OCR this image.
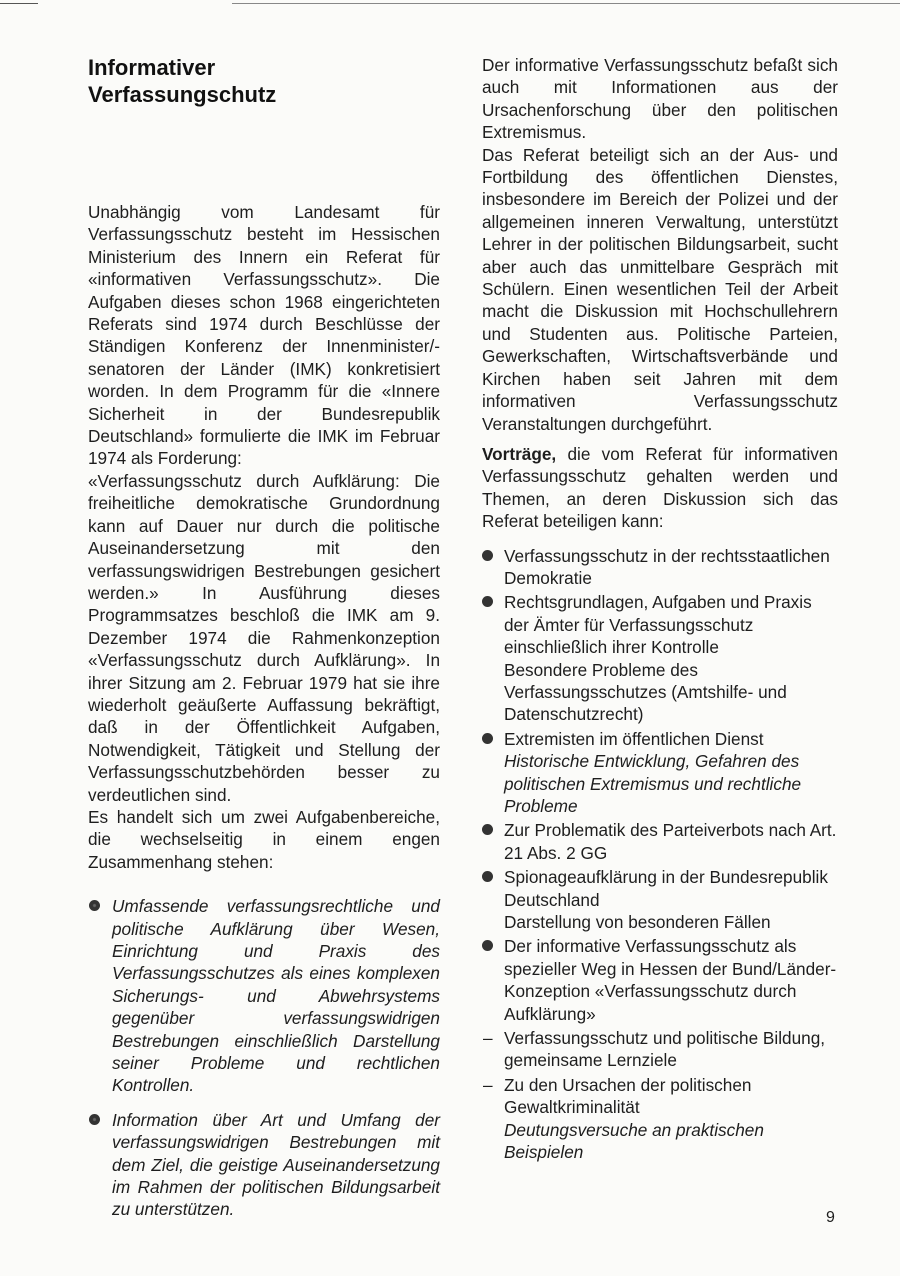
Informativer
Verfassungschutz

Unabhängig vom Landesamt für Verfassungsschutz besteht im Hessischen Ministerium des Innern ein Referat für «informativen Verfassungsschutz». Die Aufgaben dieses schon 1968 eingerichteten Referats sind 1974 durch Beschlüsse der Ständigen Konferenz der Innenminister/-senatoren der Länder (IMK) konkretisiert worden. In dem Programm für die «Innere Sicherheit in der Bundesrepublik Deutschland» formulierte die IMK im Februar 1974 als Forderung:

«Verfassungsschutz durch Aufklärung: Die freiheitliche demokratische Grundordnung kann auf Dauer nur durch die politische Auseinandersetzung mit den verfassungswidrigen Bestrebungen gesichert werden.» In Ausführung dieses Programmsatzes beschloß die IMK am 9. Dezember 1974 die Rahmenkonzeption «Verfassungsschutz durch Aufklärung». In ihrer Sitzung am 2. Februar 1979 hat sie ihre wiederholt geäußerte Auffassung bekräftigt, daß in der Öffentlichkeit Aufgaben, Notwendigkeit, Tätigkeit und Stellung der Verfassungsschutzbehörden besser zu verdeutlichen sind.

Es handelt sich um zwei Aufgabenbereiche, die wechselseitig in einem engen Zusammenhang stehen:

Umfassende verfassungsrechtliche und politische Aufklärung über Wesen, Einrichtung und Praxis des Verfassungsschutzes als eines komplexen Sicherungs- und Abwehrsystems gegenüber verfassungswidrigen Bestrebungen einschließlich Darstellung seiner Probleme und rechtlichen Kontrollen.

Information über Art und Umfang der verfassungswidrigen Bestrebungen mit dem Ziel, die geistige Auseinandersetzung im Rahmen der politischen Bildungsarbeit zu unterstützen.

Der informative Verfassungsschutz befaßt sich auch mit Informationen aus der Ursachenforschung über den politischen Extremismus.

Das Referat beteiligt sich an der Aus- und Fortbildung des öffentlichen Dienstes, insbesondere im Bereich der Polizei und der allgemeinen inneren Verwaltung, unterstützt Lehrer in der politischen Bildungsarbeit, sucht aber auch das unmittelbare Gespräch mit Schülern. Einen wesentlichen Teil der Arbeit macht die Diskussion mit Hochschullehrern und Studenten aus. Politische Parteien, Gewerkschaften, Wirtschaftsverbände und Kirchen haben seit Jahren mit dem informativen Verfassungsschutz Veranstaltungen durchgeführt.

Vorträge, die vom Referat für informativen Verfassungsschutz gehalten werden und Themen, an deren Diskussion sich das Referat beteiligen kann:

Verfassungsschutz in der rechtsstaatlichen Demokratie
Rechtsgrundlagen, Aufgaben und Praxis der Ämter für Verfassungsschutz einschließlich ihrer Kontrolle
Besondere Probleme des Verfassungsschutzes (Amtshilfe- und Datenschutzrecht)
Extremisten im öffentlichen Dienst
Historische Entwicklung, Gefahren des politischen Extremismus und rechtliche Probleme
Zur Problematik des Parteiverbots nach Art. 21 Abs. 2 GG
Spionageaufklärung in der Bundesrepublik Deutschland
Darstellung von besonderen Fällen
Der informative Verfassungsschutz als spezieller Weg in Hessen der Bund/Länder-Konzeption «Verfassungsschutz durch Aufklärung»
– Verfassungsschutz und politische Bildung, gemeinsame Lernziele
– Zu den Ursachen der politischen Gewaltkriminalität
Deutungsversuche an praktischen Beispielen
9
